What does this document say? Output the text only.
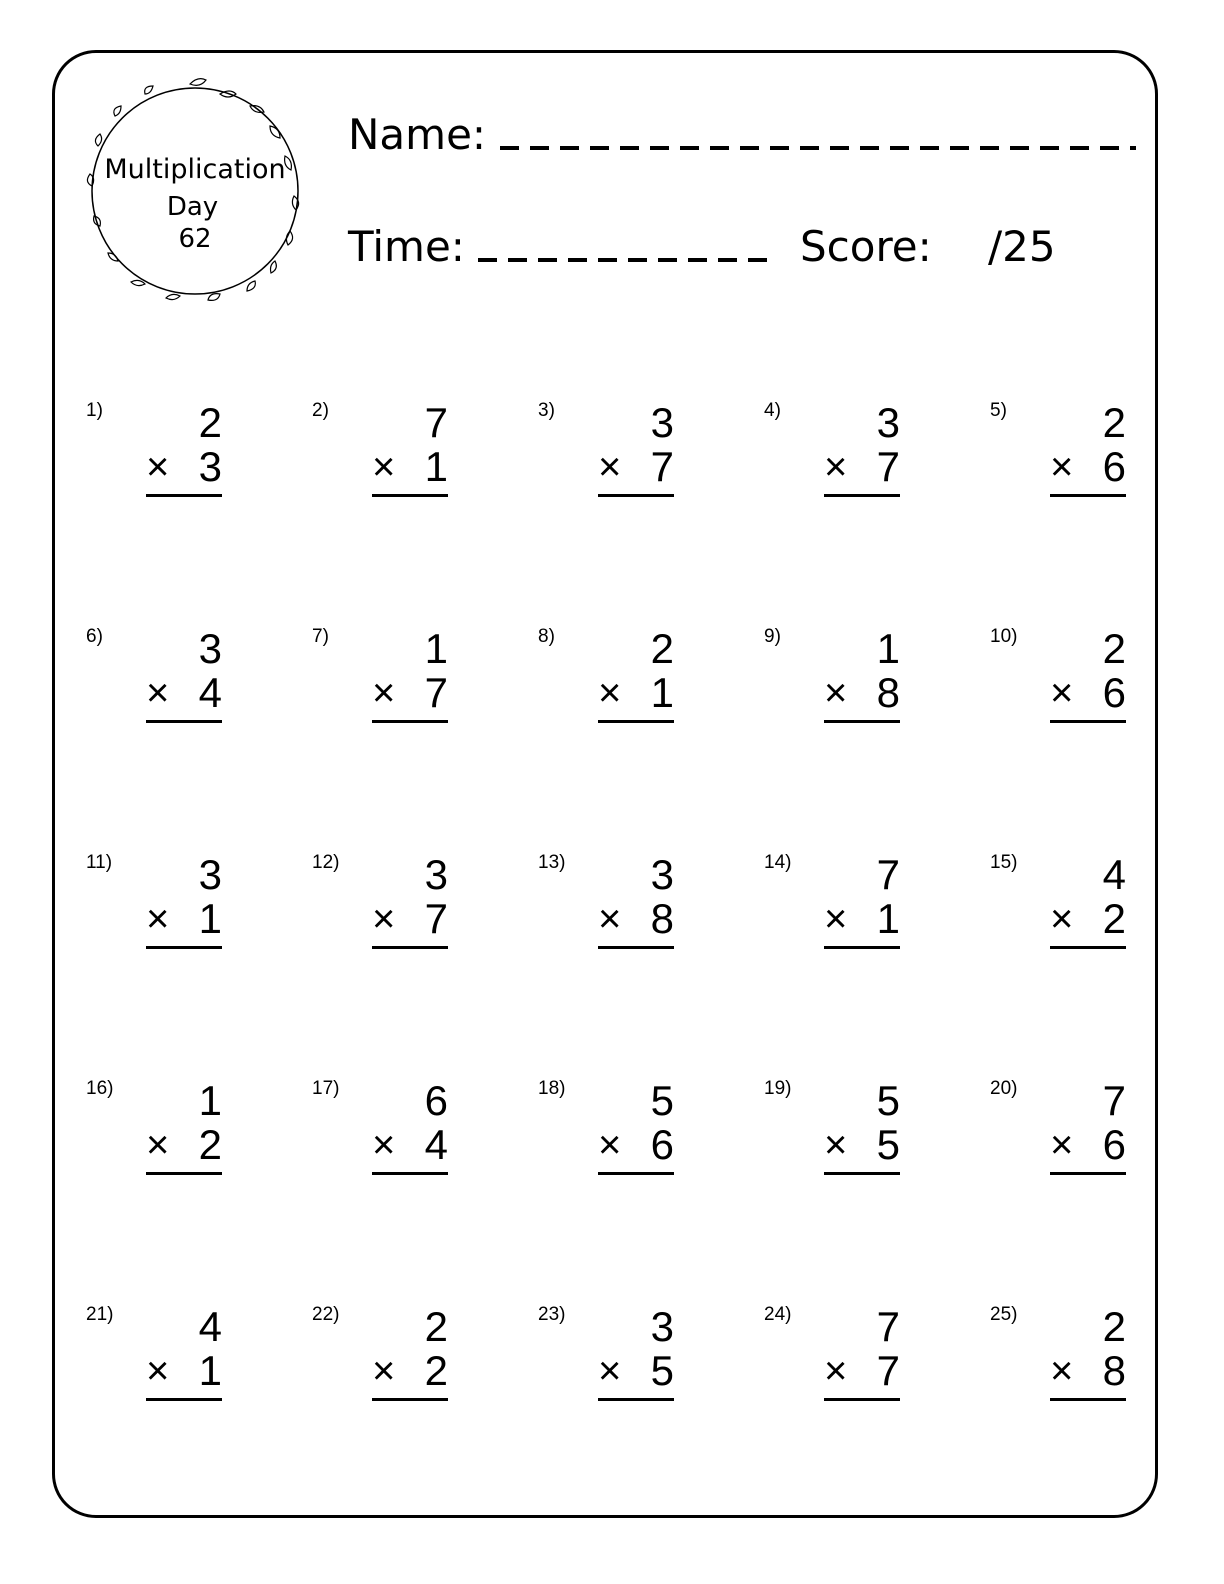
Multiplication
Day
62
Name:
Time:	Score: /25
1)	2
× 3
2)	7
× 1
3)	3
× 7
4)	3
× 7
5)	2
× 6
6)	3
× 4
7)	1
× 7
8)	2
× 1
9)	1
× 8
10)	2
× 6
11)	3
× 1
12)	3
× 7
13)	3
× 8
14)	7
× 1
15)	4
× 2
16)	1
× 2
17)	6
× 4
18)	5
× 6
19)	5
× 5
20)	7
× 6
21)	4
× 1
22)	2
× 2
23)	3
× 5
24)	7
× 7
25)	2
× 8
